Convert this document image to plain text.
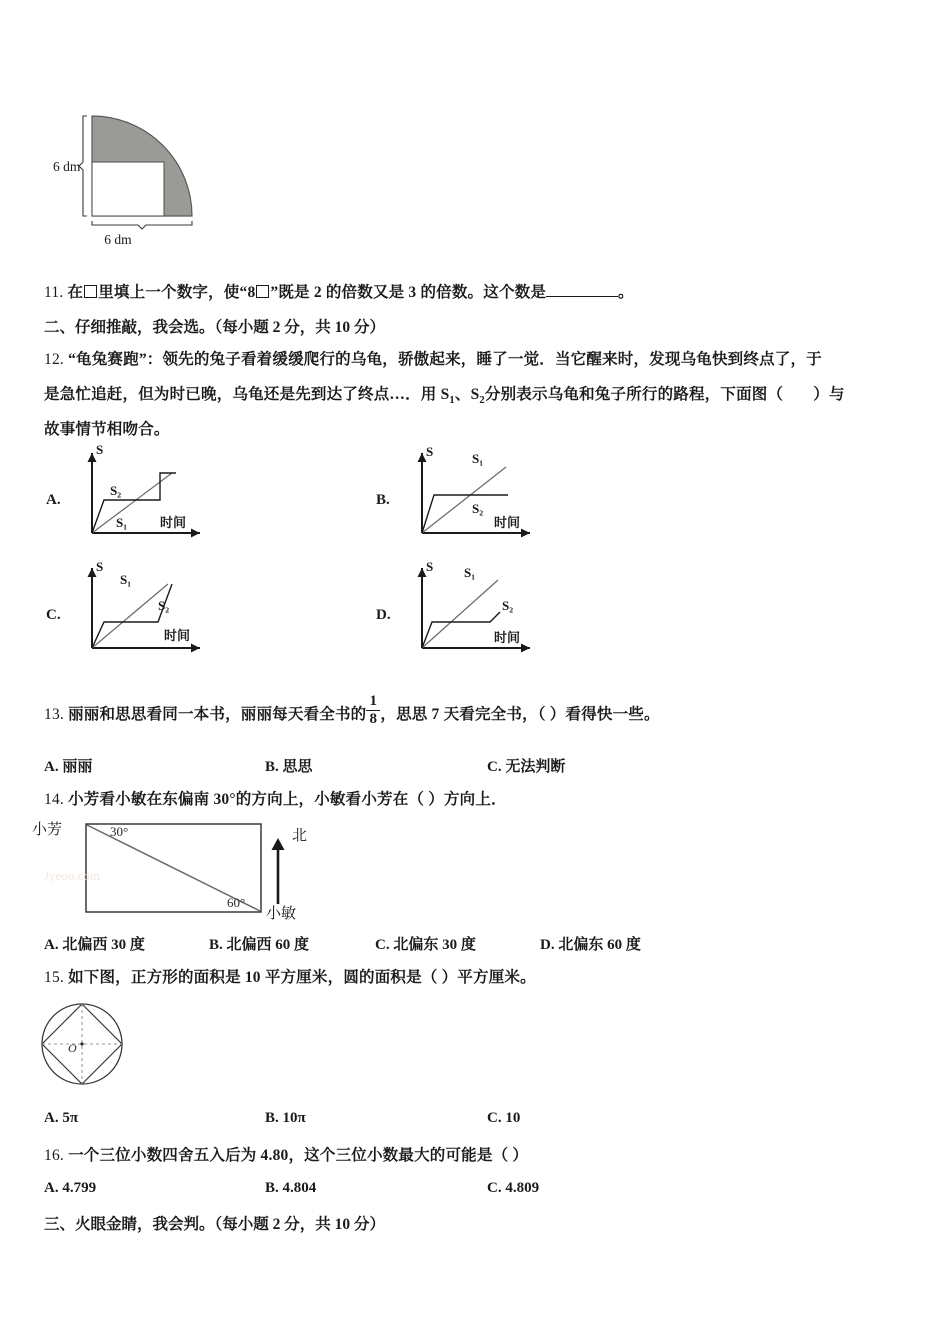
6 dm
6 dm
11. 在 里填上一个数字，使“8 ”既是 2 的倍数又是 3 的倍数。这个数是	。
二、仔细推敲，我会选。（每小题 2 分，共 10 分）
12. “龟兔赛跑”：领先的兔子看着缓缓爬行的乌龟，骄傲起来，睡了一觉．当它醒来时，发现乌龟快到终点了，于
是急忙追赶，但为时已晚，乌龟还是先到达了终点…．用 $S_1$、$S_2$分别表示乌龟和兔子所行的路程，下面图（ ）与
故事情节相吻合。
A.
S
S₂
S₁	时间
B.
S	S₁
S₂
时间
C.
S
S₁
S₂
时间
D.
S S₁
S₂
时间
13. 丽丽和思思看同一本书，丽丽每天看全书的 $\frac{1}{8}$ ，思思 7 天看完全书，（ ）看得快一些。
A. 丽丽	B. 思思	C. 无法判断
14. 小芳看小敏在东偏南 30°的方向上，小敏看小芳在（ ）方向上．
小芳	30°
60°
小敏
北
Jyeoo.com
A. 北偏西 30 度	B. 北偏西 60 度	C. 北偏东 30 度	D. 北偏东 60 度
15. 如下图，正方形的面积是 10 平方厘米，圆的面积是（ ）平方厘米。
O
A. 5π	B. 10π	C. 10
16. 一个三位小数四舍五入后为 4.80，这个三位小数最大的可能是（ ）
A. 4.799	B. 4.804	C. 4.809
三、火眼金睛，我会判。（每小题 2 分，共 10 分）
